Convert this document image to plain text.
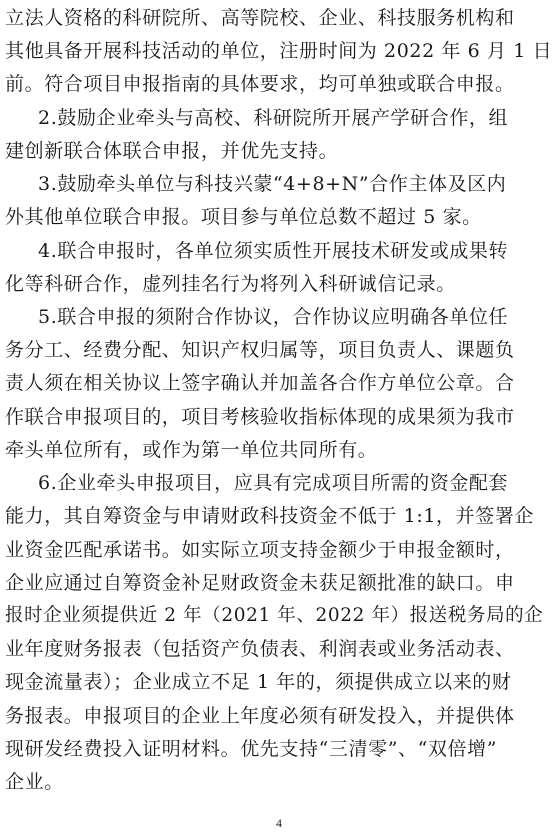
立法人资格的科研院所、高等院校、企业、科技服务机构和
其他具备开展科技活动的单位，注册时间为 2022 年 6 月 1 日
前。符合项目申报指南的具体要求，均可单独或联合申报。
2.鼓励企业牵头与高校、科研院所开展产学研合作，组
建创新联合体联合申报，并优先支持。
3.鼓励牵头单位与科技兴蒙“4+8+N”合作主体及区内
外其他单位联合申报。项目参与单位总数不超过 5 家。
4.联合申报时，各单位须实质性开展技术研发或成果转
化等科研合作，虚列挂名行为将列入科研诚信记录。
5.联合申报的须附合作协议，合作协议应明确各单位任
务分工、经费分配、知识产权归属等，项目负责人、课题负
责人须在相关协议上签字确认并加盖各合作方单位公章。合
作联合申报项目的，项目考核验收指标体现的成果须为我市
牵头单位所有，或作为第一单位共同所有。
6.企业牵头申报项目，应具有完成项目所需的资金配套
能力，其自筹资金与申请财政科技资金不低于 1:1，并签署企
业资金匹配承诺书。如实际立项支持金额少于申报金额时，
企业应通过自筹资金补足财政资金未获足额批准的缺口。申
报时企业须提供近 2 年（2021 年、2022 年）报送税务局的企
业年度财务报表（包括资产负债表、利润表或业务活动表、
现金流量表）；企业成立不足 1 年的，须提供成立以来的财
务报表。申报项目的企业上年度必须有研发投入，并提供体
现研发经费投入证明材料。优先支持“三清零”、“双倍增”
企业。
4
